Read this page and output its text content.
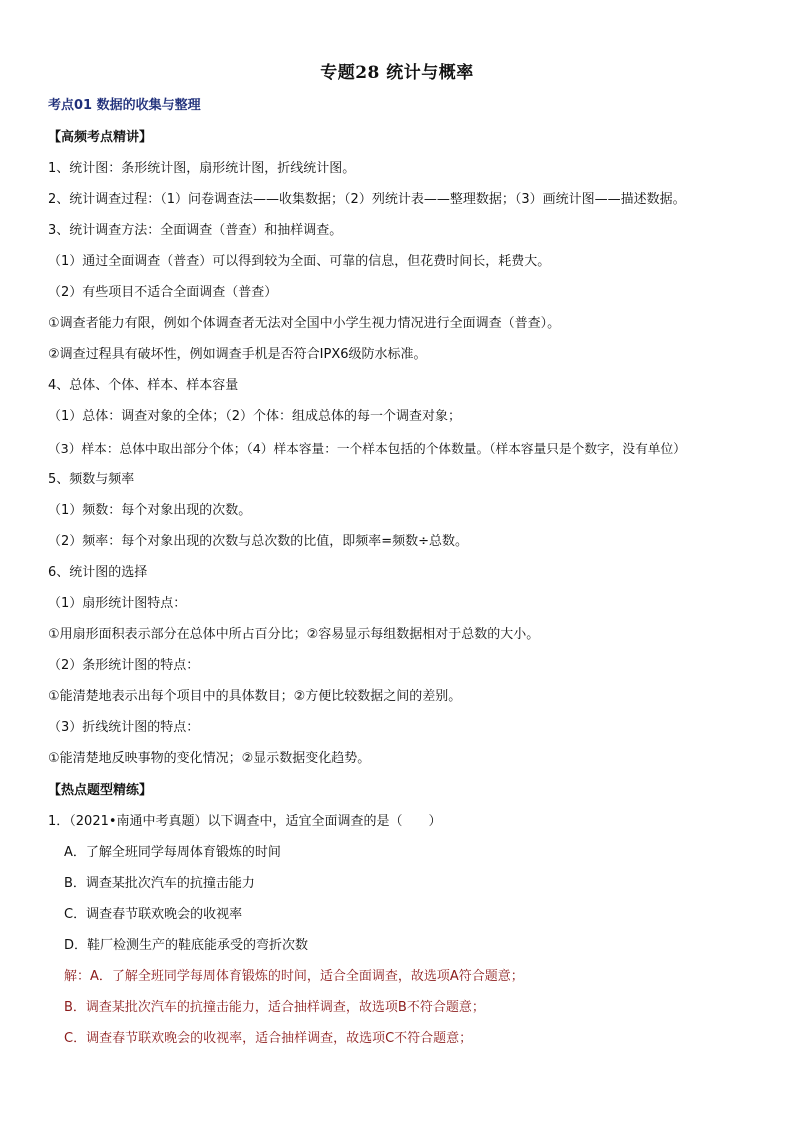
专题28 统计与概率
考点01 数据的收集与整理
【高频考点精讲】
1、统计图：条形统计图，扇形统计图，折线统计图。
2、统计调查过程：（1）问卷调查法——收集数据；（2）列统计表——整理数据；（3）画统计图——描述数据。
3、统计调查方法：全面调查（普查）和抽样调查。
（1）通过全面调查（普查）可以得到较为全面、可靠的信息，但花费时间长，耗费大。
（2）有些项目不适合全面调查（普查）
①调查者能力有限，例如个体调查者无法对全国中小学生视力情况进行全面调查（普查）。
②调查过程具有破坏性，例如调查手机是否符合IPX6级防水标准。
4、总体、个体、样本、样本容量
（1）总体：调查对象的全体；（2）个体：组成总体的每一个调查对象；
（3）样本：总体中取出部分个体；（4）样本容量：一个样本包括的个体数量。（样本容量只是个数字，没有单位）
5、频数与频率
（1）频数：每个对象出现的次数。
（2）频率：每个对象出现的次数与总次数的比值，即频率=频数÷总数。
6、统计图的选择
（1）扇形统计图特点：
①用扇形面积表示部分在总体中所占百分比；②容易显示每组数据相对于总数的大小。
（2）条形统计图的特点：
①能清楚地表示出每个项目中的具体数目；②方便比较数据之间的差别。
（3）折线统计图的特点：
①能清楚地反映事物的变化情况；②显示数据变化趋势。
【热点题型精练】
1．（2021•南通中考真题）以下调查中，适宜全面调查的是（　　）
A．了解全班同学每周体育锻炼的时间
B．调查某批次汽车的抗撞击能力
C．调查春节联欢晚会的收视率
D．鞋厂检测生产的鞋底能承受的弯折次数
解：A．了解全班同学每周体育锻炼的时间，适合全面调查，故选项A符合题意；
B．调查某批次汽车的抗撞击能力，适合抽样调查，故选项B不符合题意；
C．调查春节联欢晚会的收视率，适合抽样调查，故选项C不符合题意；
